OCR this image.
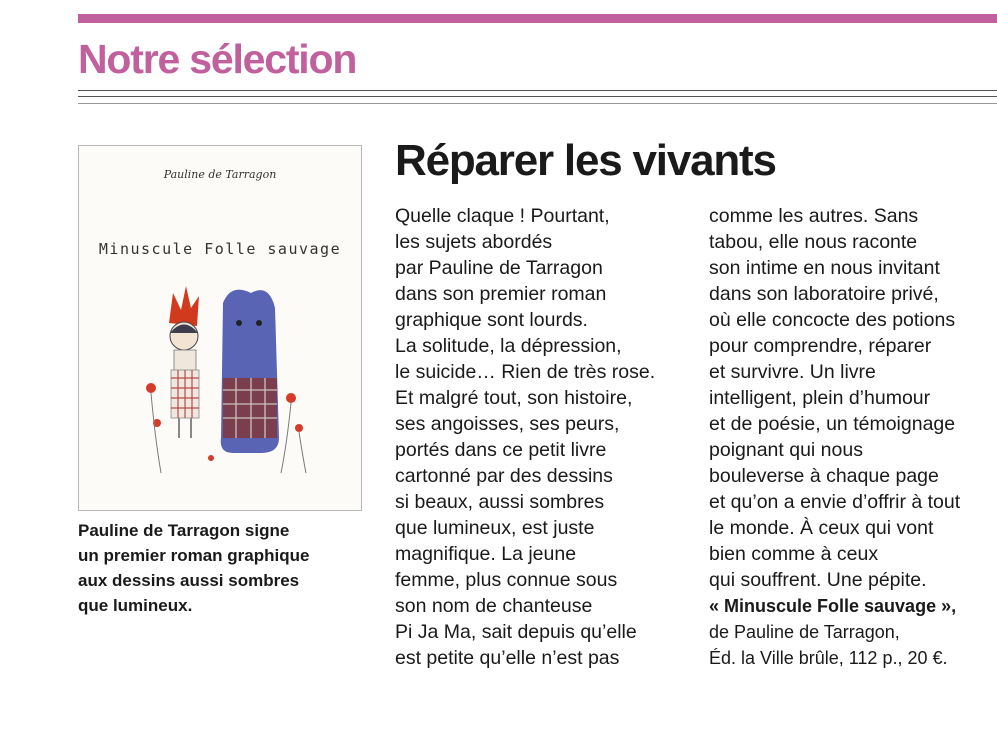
Notre sélection
Pauline de Tarragon
Minuscule Folle sauvage
Pauline de Tarragon signe
un premier roman graphique
aux dessins aussi sombres
que lumineux.
Réparer les vivants

Quelle claque ! Pourtant,

les sujets abordés

par Pauline de Tarragon

dans son premier roman

graphique sont lourds.

La solitude, la dépression,

le suicide… Rien de très rose.

Et malgré tout, son histoire,

ses angoisses, ses peurs,

portés dans ce petit livre

cartonné par des dessins

si beaux, aussi sombres

que lumineux, est juste

magnifique. La jeune

femme, plus connue sous

son nom de chanteuse

Pi Ja Ma, sait depuis qu’elle

est petite qu’elle n’est pas

comme les autres. Sans

tabou, elle nous raconte

son intime en nous invitant

dans son laboratoire privé,

où elle concocte des potions

pour comprendre, réparer

et survivre. Un livre

intelligent, plein d’humour

et de poésie, un témoignage

poignant qui nous

bouleverse à chaque page

et qu’on a envie d’offrir à tout

le monde. À ceux qui vont

bien comme à ceux

qui souffrent. Une pépite.

« Minuscule Folle sauvage »,

de Pauline de Tarragon,

Éd. la Ville brûle, 112 p., 20 €.
